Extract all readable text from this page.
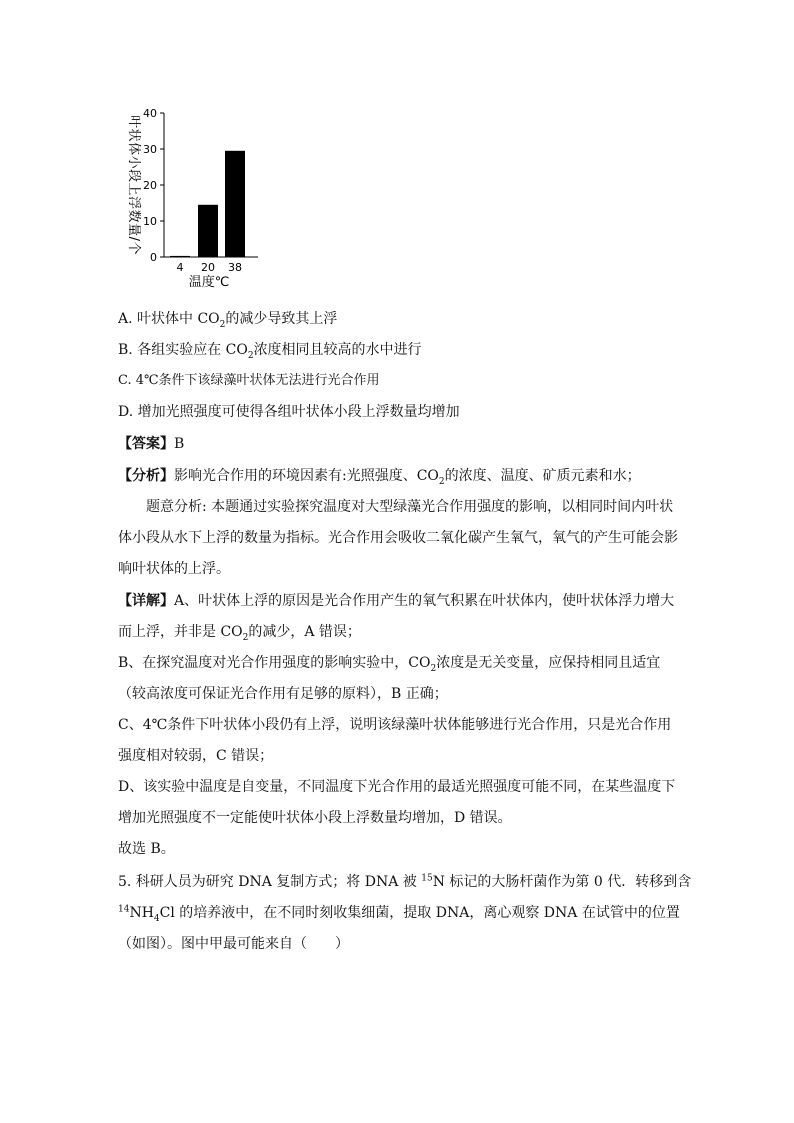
0
10
20
30
40
4 20 38
温度℃
叶状体小段上浮数量/个
A. 叶状体中 $CO_2$的减少导致其上浮
B. 各组实验应在 $CO_2$浓度相同且较高的水中进行
C. 4℃条件下该绿藻叶状体无法进行光合作用
D. 增加光照强度可使得各组叶状体小段上浮数量均增加
【答案】B
【分析】影响光合作用的环境因素有:光照强度、$CO_2$的浓度、温度、矿质元素和水；
题意分析: 本题通过实验探究温度对大型绿藻光合作用强度的影响，以相同时间内叶状
体小段从水下上浮的数量为指标。光合作用会吸收二氧化碳产生氧气，氧气的产生可能会影
响叶状体的上浮。
【详解】A、叶状体上浮的原因是光合作用产生的氧气积累在叶状体内，使叶状体浮力增大
而上浮，并非是 $CO_2$的减少，A 错误；
B、在探究温度对光合作用强度的影响实验中，$CO_2$浓度是无关变量，应保持相同且适宜
（较高浓度可保证光合作用有足够的原料），B 正确；
C、4℃条件下叶状体小段仍有上浮，说明该绿藻叶状体能够进行光合作用，只是光合作用
强度相对较弱，C 错误；
D、该实验中温度是自变量，不同温度下光合作用的最适光照强度可能不同，在某些温度下
增加光照强度不一定能使叶状体小段上浮数量均增加，D 错误。
故选 B。
5. 科研人员为研究 DNA 复制方式；将 DNA 被 $^{15}$N 标记的大肠杆菌作为第 0 代．转移到含
$^{14}NH_4Cl$ 的培养液中，在不同时刻收集细菌，提取 DNA，离心观察 DNA 在试管中的位置
（如图）。图中甲最可能来自（　　）
